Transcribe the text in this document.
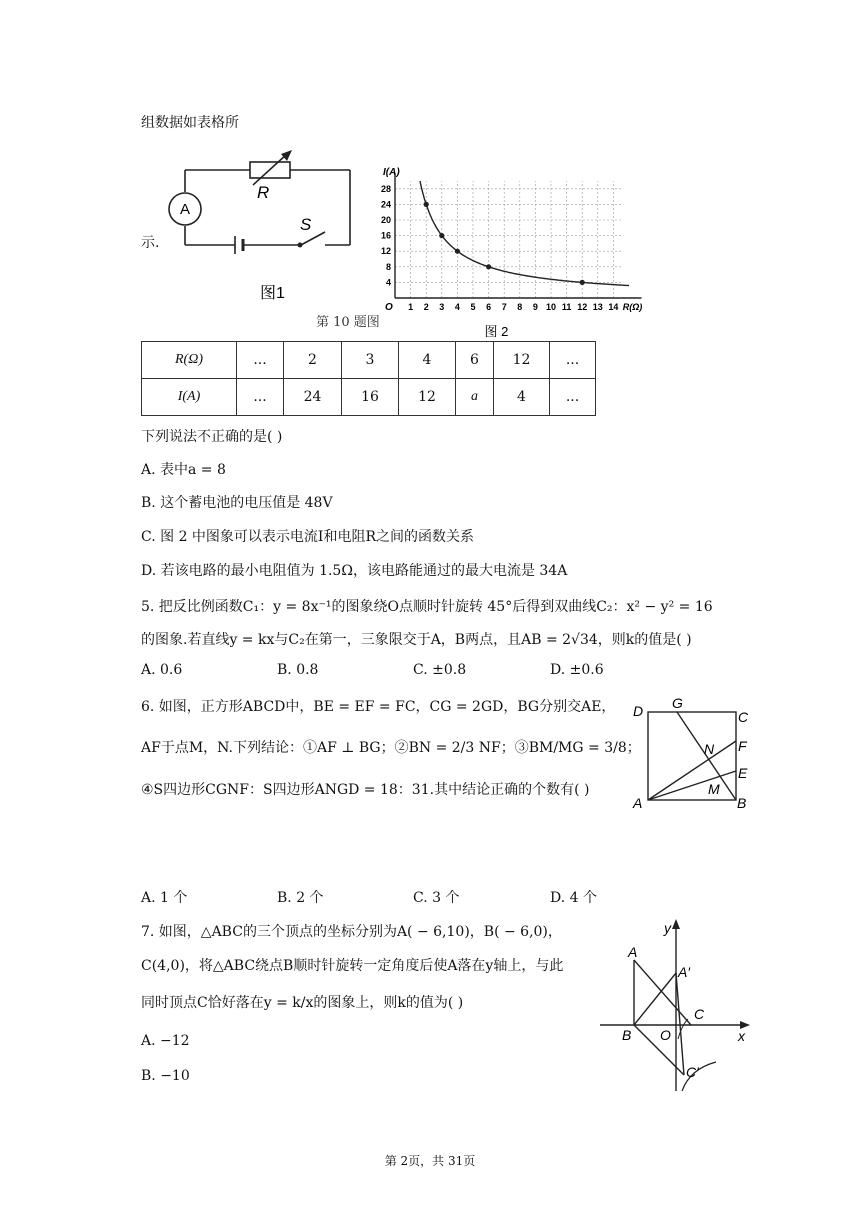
组数据如表格所
示.
A
R
S
图1
第 10 题图
4
8
12
16
20
24
28
1 2 3 4 5 6 7 8 9 10 11 12 13 14
O
I(A)
R(Ω)
图 2
R(Ω)	...	2	3	4	6	12	...
I(A)	...	24	16	12	a	4	...
下列说法不正确的是( )
A. 表中a = 8
B. 这个蓄电池的电压值是 48V
C. 图 2 中图象可以表示电流I和电阻R之间的函数关系
D. 若该电路的最小电阻值为 1.5Ω，该电路能通过的最大电流是 34A
5. 把反比例函数C₁：y = 8x⁻¹的图象绕O点顺时针旋转 45°后得到双曲线C₂：x² − y² = 16
的图象.若直线y = kx与C₂在第一，三象限交于A，B两点，且AB = 2√34，则k的值是( )
A. 0.6	B. 0.8	C. ±0.8	D. ±0.6
6. 如图，正方形ABCD中，BE = EF = FC，CG = 2GD，BG分别交AE，
AF于点M，N.下列结论：①AF ⊥ BG；②BN = 2/3 NF；③BM/MG = 3/8；
④S四边形CGNF：S四边形ANGD = 18：31.其中结论正确的个数有( )
D G
C
N F
E
M
A	B
A. 1 个	B. 2 个	C. 3 个	D. 4 个
7. 如图，△ABC的三个顶点的坐标分别为A( − 6,10)，B( − 6,0)，
C(4,0)，将△ABC绕点B顺时针旋转一定角度后使A落在y轴上，与此
同时顶点C恰好落在y = k/x的图象上，则k的值为( )
A. −12
B. −10
y
x
A
A′
C
C′
B O
第 2页，共 31页
